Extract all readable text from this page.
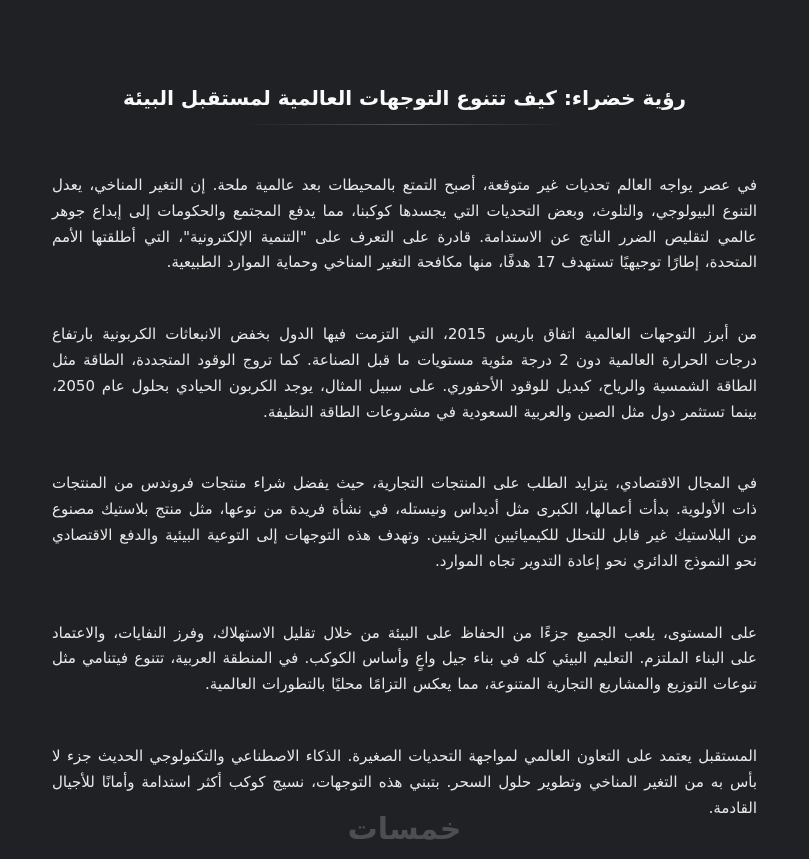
رؤية خضراء: كيف تتنوع التوجهات العالمية لمستقبل البيئة

في عصر يواجه العالم تحديات غير متوقعة، أصبح التمتع بالمحيطات بعد عالمية ملحة. إن التغير المناخي، يعدل التنوع البيولوجي، والتلوث، وبعض التحديات التي يجسدها كوكبنا، مما يدفع المجتمع والحكومات إلى إبداع جوهر عالمي لتقليص الضرر الناتج عن الاستدامة. قادرة على التعرف على "التنمية الإلكترونية"، التي أطلقتها الأمم المتحدة، إطارًا توجيهيًا تستهدف 17 هدفًا، منها مكافحة التغير المناخي وحماية الموارد الطبيعية.

من أبرز التوجهات العالمية اتفاق باريس 2015، التي التزمت فيها الدول بخفض الانبعاثات الكربونية بارتفاع درجات الحرارة العالمية دون 2 درجة مئوية مستويات ما قبل الصناعة. كما تروج الوقود المتجددة، الطاقة مثل الطاقة الشمسية والرياح، كبديل للوقود الأحفوري. على سبيل المثال، يوجد الكربون الحيادي بحلول عام 2050، بينما تستثمر دول مثل الصين والعربية السعودية في مشروعات الطاقة النظيفة.

في المجال الاقتصادي، يتزايد الطلب على المنتجات التجارية، حيث يفضل شراء منتجات فروندس من المنتجات ذات الأولوية. بدأت أعمالها، الكبرى مثل أديداس ونيستله، في نشأة فريدة من نوعها، مثل منتج بلاستيك مصنوع من البلاستيك غير قابل للتحلل للكيميائيين الجزيئيين. وتهدف هذه التوجهات إلى التوعية البيئية والدفع الاقتصادي نحو النموذج الدائري نحو إعادة التدوير تجاه الموارد.

على المستوى، يلعب الجميع جزءًا من الحفاظ على البيئة من خلال تقليل الاستهلاك، وفرز النفايات، والاعتماد على البناء الملتزم. التعليم البيئي كله في بناء جيل واعٍ وأساس الكوكب. في المنطقة العربية، تتنوع فيتنامي مثل تنوعات التوزيع والمشاريع التجارية المتنوعة، مما يعكس التزامًا محليًا بالتطورات العالمية.

المستقبل يعتمد على التعاون العالمي لمواجهة التحديات الصغيرة. الذكاء الاصطناعي والتكنولوجي الحديث جزء لا بأس به من التغير المناخي وتطوير حلول السحر. بتبني هذه التوجهات، نسيج كوكب أكثر استدامة وأمانًا للأجيال القادمة.

خمسات
